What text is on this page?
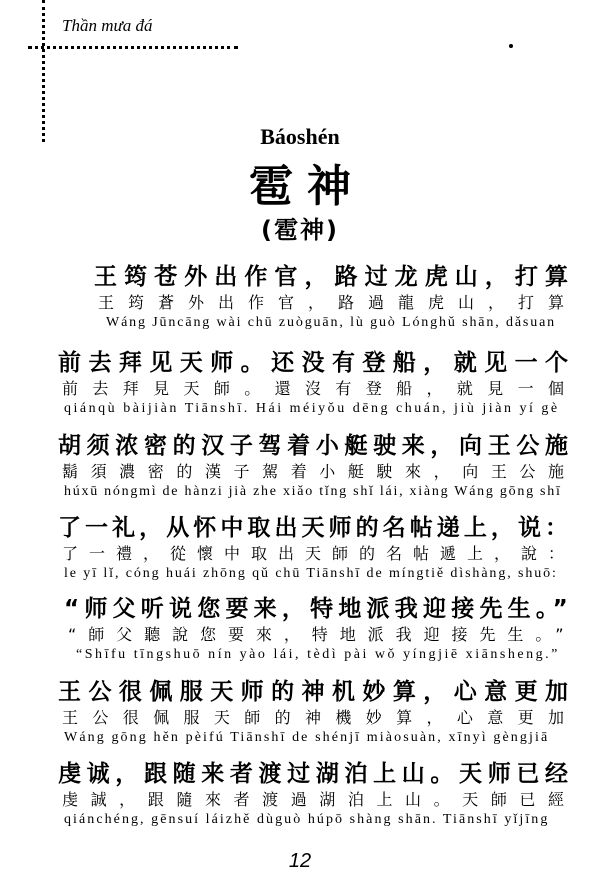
Thần mưa đá
Báoshén
雹神
(雹神)
王筠苍外出作官，路过龙虎山，打算
王筠蒼外出作官，路過龍虎山，打算
Wáng Jūncāng wài chū zuòguān, lù guò Lónghǔ shān, dǎsuan
前去拜见天师。还没有登船，就见一个
前去拜見天師。還沒有登船，就見一個
qiánqù bàijiàn Tiānshī. Hái méiyǒu dēng chuán, jiù jiàn yí gè
胡须浓密的汉子驾着小艇驶来，向王公施
鬍須濃密的漢子駕着小艇駛來，向王公施
húxū nóngmì de hànzi jià zhe xiǎo tǐng shǐ lái, xiàng Wáng gōng shī
了一礼，从怀中取出天师的名帖递上，说：
了一禮，從懷中取出天師的名帖遞上，說：
le yī lǐ, cóng huái zhōng qǔ chū Tiānshī de míngtiě dìshàng, shuō:
“师父听说您要来，特地派我迎接先生。”
“師父聽說您要來，特地派我迎接先生。”
“Shīfu tīngshuō nín yào lái, tèdì pài wǒ yíngjiē xiānsheng.”
王公很佩服天师的神机妙算，心意更加
王公很佩服天師的神機妙算，心意更加
Wáng gōng hěn pèifú Tiānshī de shénjī miàosuàn, xīnyì gèngjiā
虔诚，跟随来者渡过湖泊上山。天师已经
虔誠，跟隨來者渡過湖泊上山。天師已經
qiánchéng, gēnsuí láizhě dùguò húpō shàng shān. Tiānshī yǐjīng
12
